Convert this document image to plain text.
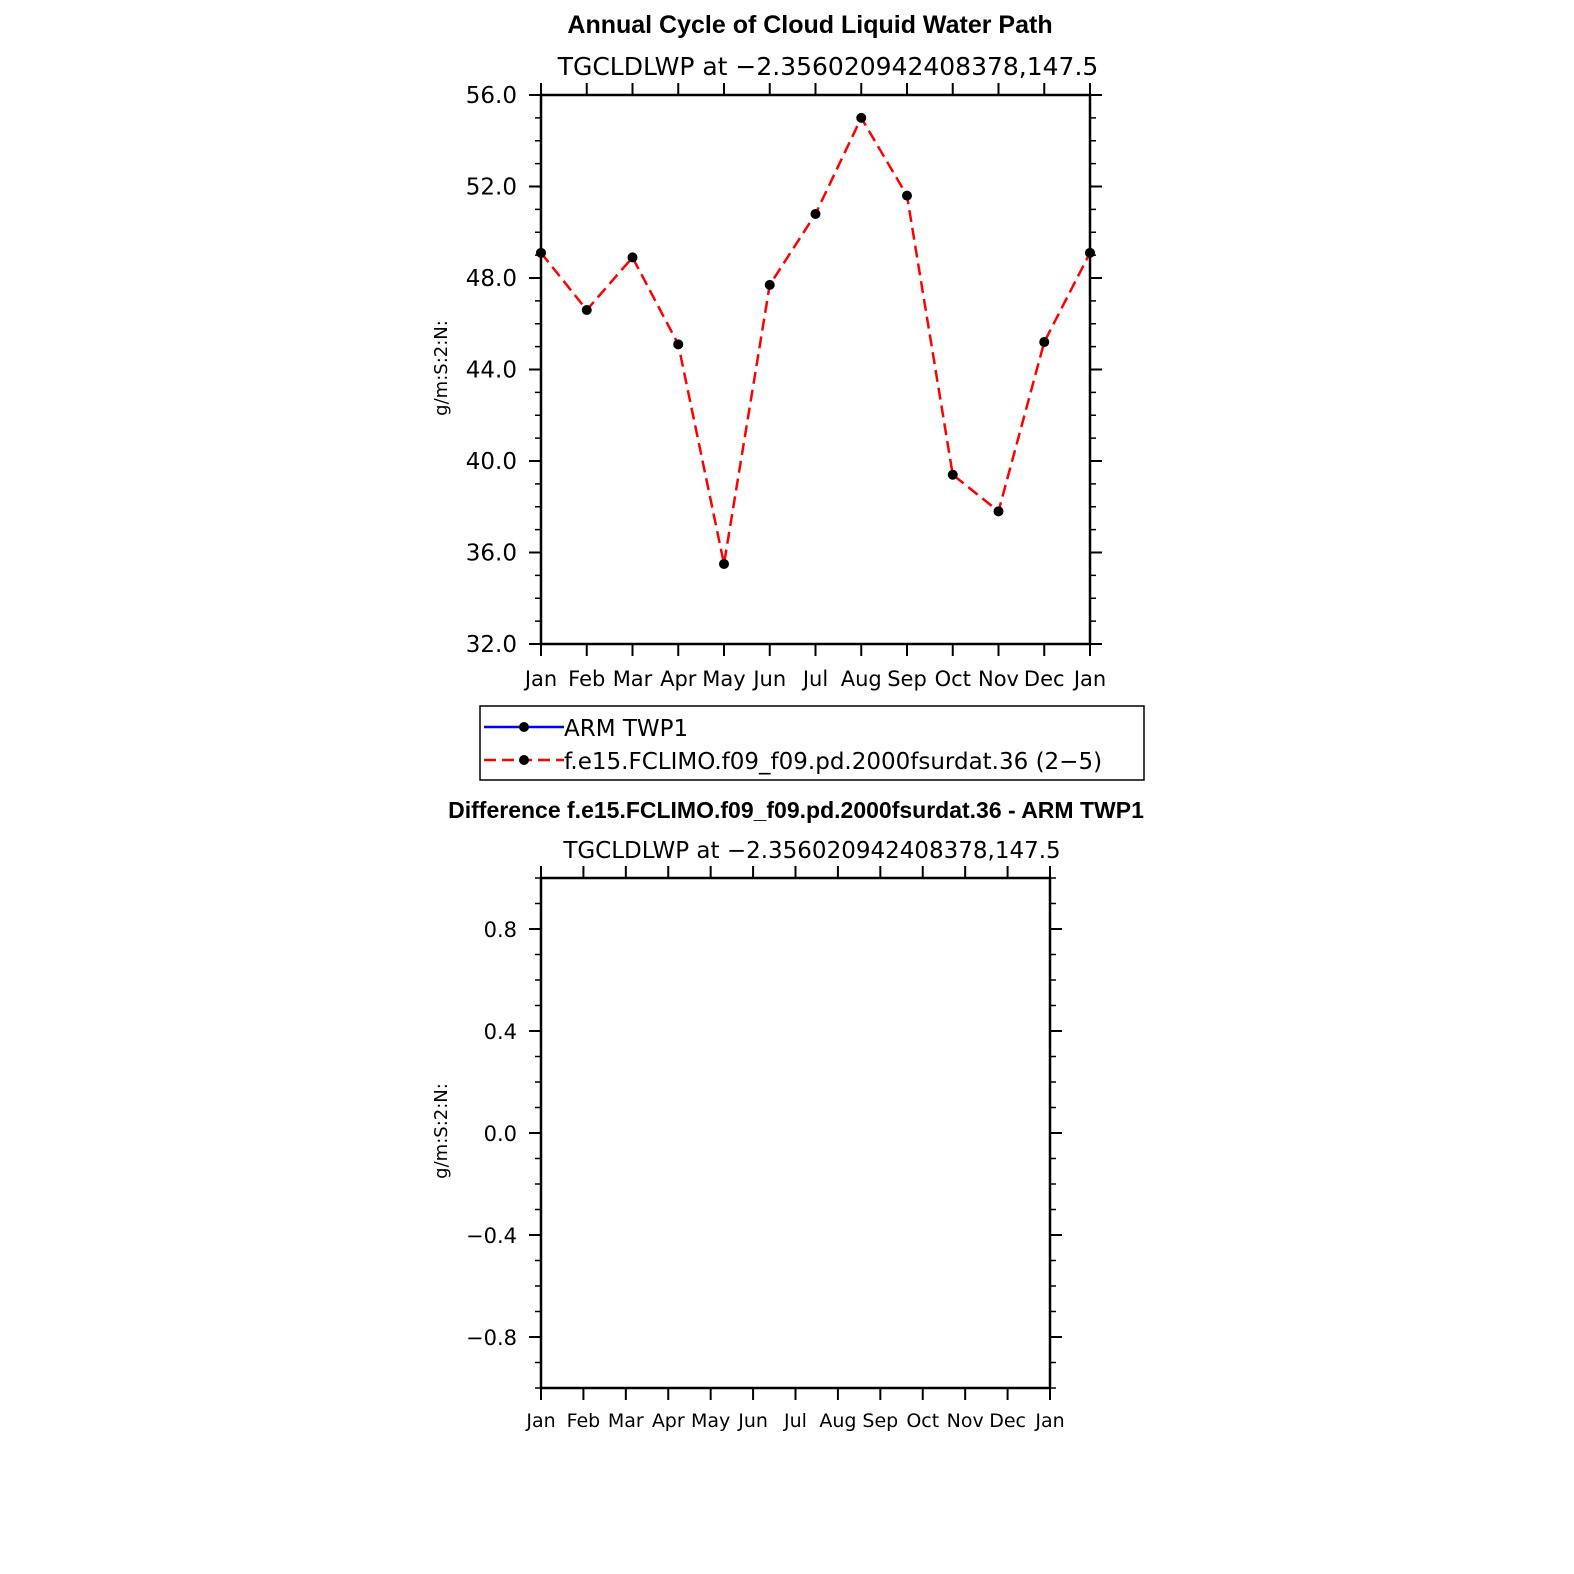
Annual Cycle of Cloud Liquid Water Path
TGCLDLWP at −2.356020942408378,147.5
g/m:S:2:N:
32.0
36.0
40.0
44.0
48.0
52.0
56.0
Jan Feb Mar Apr May Jun Jul Aug Sep Oct Nov Dec Jan
ARM TWP1
f.e15.FCLIMO.f09_f09.pd.2000fsurdat.36 (2−5)
Difference f.e15.FCLIMO.f09_f09.pd.2000fsurdat.36 - ARM TWP1
TGCLDLWP at −2.356020942408378,147.5
g/m:S:2:N:
−0.8
−0.4
0.0
0.4
0.8
Jan Feb Mar Apr May Jun Jul Aug Sep Oct Nov Dec Jan
